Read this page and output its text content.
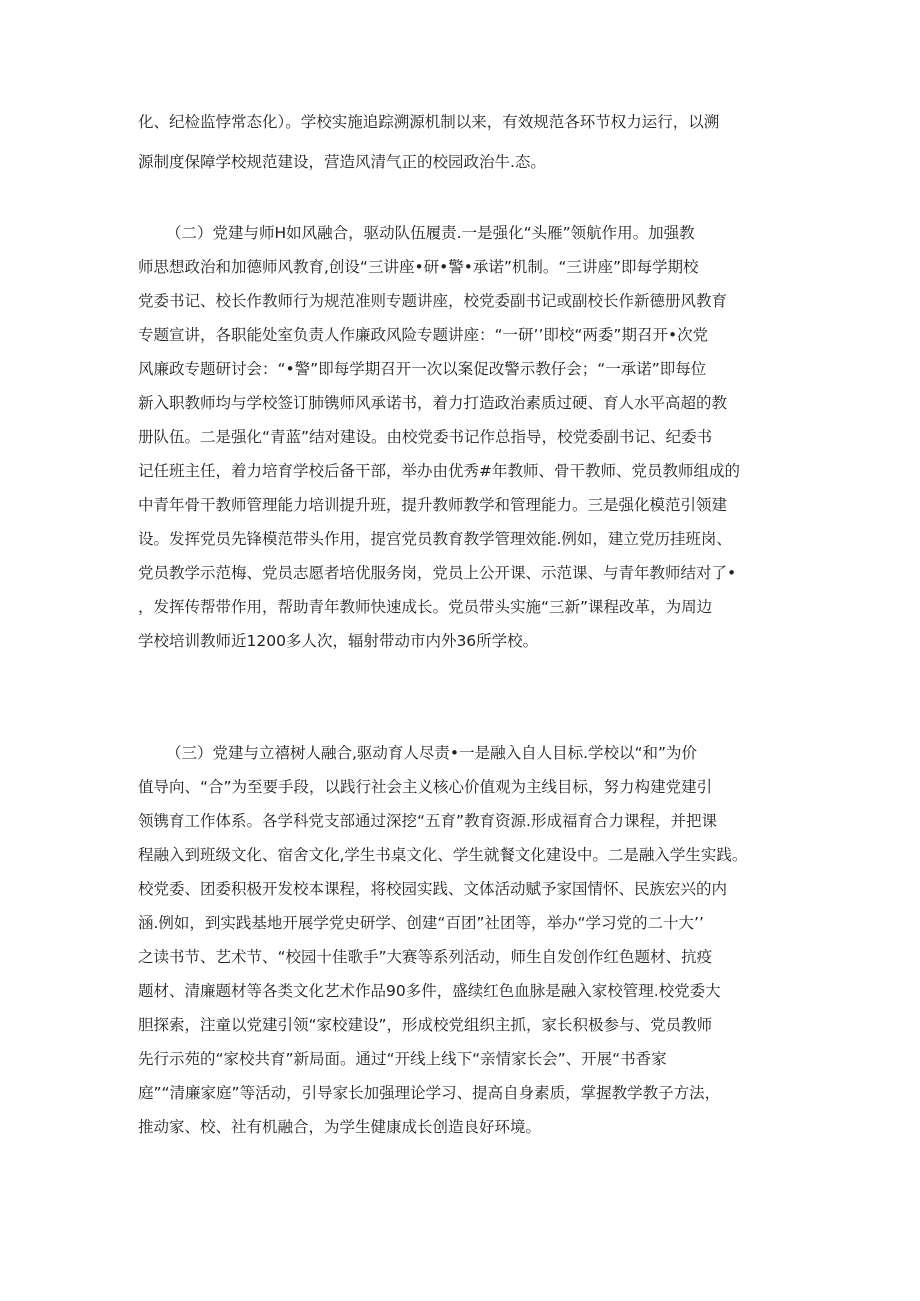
化、纪检监悖常态化）。学校实施追踪溯源机制以来，有效规范各环节权力运行，以溯
源制度保障学校规范建设，营造风清气正的校园政治牛.态。
（二）党建与师H如风融合，驱动队伍履责.一是强化“头雁”领航作用。加强教
师思想政治和加德师风教育,创设“三讲座•研•警•承诺”机制。“三讲座”即每学期校
党委书记、校长作教师行为规范准则专题讲座，校党委副书记或副校长作新德册风教育
专题宣讲，各职能处室负责人作廉政风险专题讲座：“一研’’即校“两委”期召开•次党
风廉政专题研讨会：“•警”即每学期召开一次以案促改警示教仔会；“一承诺”即每位
新入职教师均与学校签订肺镌师风承诺书，着力打造政治素质过硬、育人水平高超的教
册队伍。二是强化“青蓝”结对建设。由校党委书记作总指导，校党委副书记、纪委书
记任班主任，着力培育学校后备干部，举办由优秀#年教师、骨干教师、党员教师组成的
中青年骨干教师管理能力培训提升班，提升教师教学和管理能力。三是强化模范引领建
设。发挥党员先锋模范带头作用，提宫党员教育教学管理效能.例如，建立党历挂班岗、
党员教学示范梅、党员志愿者培优服务岗，党员上公开课、示范课、与青年教师结对了•
，发挥传帮带作用，帮助青年教师快速成长。党员带头实施“三新”课程改革，为周边
学校培训教师近1200多人次，辐射带动市内外36所学校。
（三）党建与立禧树人融合,驱动育人尽责•一是融入自人目标.学校以“和”为价
值导向、“合”为至要手段，以践行社会主义核心价值观为主线目标，努力构建党建引
领镌育工作体系。各学科党支部通过深挖“五育”教育资源.形成福育合力课程，并把课
程融入到班级文化、宿舍文化,学生书桌文化、学生就餐文化建设中。二是融入学生实践。
校党委、团委积极开发校本课程，将校园实践、文体活动赋予家国情怀、民族宏兴的内
涵.例如，到实践基地开展学党史研学、创建“百团”社团等，举办“学习党的二十大’’
之读书节、艺术节、“校园十佳歌手”大赛等系列活动，师生自发创作红色题材、抗疫
题材、清廉题材等各类文化艺术作品90多件，盛续红色血脉是融入家校管理.校党委大
胆探索，注童以党建引领“家校建设”，形成校党组织主抓，家长积极参与、党员教师
先行示苑的“家校共育”新局面。通过“开线上线下“亲情家长会”、开展“书香家
庭”“清廉家庭”等活动，引导家长加强理论学习、提高自身素质，掌握教学教子方法，
推动家、校、社有机融合，为学生健康成长创造良好环境。
